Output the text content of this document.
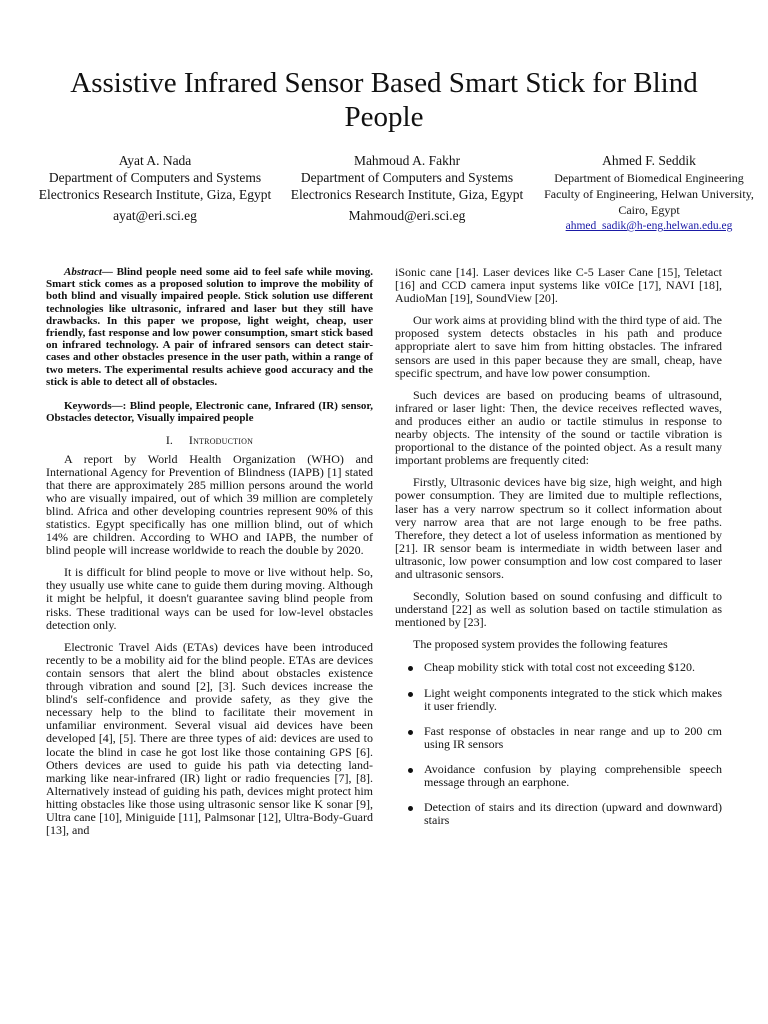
Assistive Infrared Sensor Based Smart Stick for Blind People
Ayat A. Nada
Department of Computers and Systems
Electronics Research Institute, Giza, Egypt
ayat@eri.sci.eg
Mahmoud A. Fakhr
Department of Computers and Systems
Electronics Research Institute, Giza, Egypt
Mahmoud@eri.sci.eg
Ahmed F. Seddik
Department of Biomedical Engineering
Faculty of Engineering, Helwan University, Cairo, Egypt
ahmed_sadik@h-eng.helwan.edu.eg

Abstract— Blind people need some aid to feel safe while moving. Smart stick comes as a proposed solution to improve the mobility of both blind and visually impaired people. Stick solution use different technologies like ultrasonic, infrared and laser but they still have drawbacks. In this paper we propose, light weight, cheap, user friendly, fast response and low power consumption, smart stick based on infrared technology. A pair of infrared sensors can detect stair-cases and other obstacles presence in the user path, within a range of two meters. The experimental results achieve good accuracy and the stick is able to detect all of obstacles.

Keywords—: Blind people, Electronic cane, Infrared (IR) sensor, Obstacles detector, Visually impaired people

I. Introduction

A report by World Health Organization (WHO) and International Agency for Prevention of Blindness (IAPB) [1] stated that there are approximately 285 million persons around the world who are visually impaired, out of which 39 million are completely blind. Africa and other developing countries represent 90% of this statistics. Egypt specifically has one million blind, out of which 14% are children. According to WHO and IAPB, the number of blind people will increase worldwide to reach the double by 2020.

It is difficult for blind people to move or live without help. So, they usually use white cane to guide them during moving. Although it might be helpful, it doesn't guarantee saving blind people from risks. These traditional ways can be used for low-level obstacles detection only.

Electronic Travel Aids (ETAs) devices have been introduced recently to be a mobility aid for the blind people. ETAs are devices contain sensors that alert the blind about obstacles existence through vibration and sound [2], [3]. Such devices increase the blind's self-confidence and provide safety, as they give the necessary help to the blind to facilitate their movement in unfamiliar environment. Several visual aid devices have been developed [4], [5]. There are three types of aid: devices are used to locate the blind in case he got lost like those containing GPS [6]. Others devices are used to guide his path via detecting land-marking like near-infrared (IR) light or radio frequencies [7], [8]. Alternatively instead of guiding his path, devices might protect him hitting obstacles like those using ultrasonic sensor like K sonar [9], Ultra cane [10], Miniguide [11], Palmsonar [12], Ultra-Body-Guard [13], and

iSonic cane [14]. Laser devices like C-5 Laser Cane [15], Teletact [16] and CCD camera input systems like v0ICe [17], NAVI [18], AudioMan [19], SoundView [20].

Our work aims at providing blind with the third type of aid. The proposed system detects obstacles in his path and produce appropriate alert to save him from hitting obstacles. The infrared sensors are used in this paper because they are small, cheap, have specific spectrum, and have low power consumption.

Such devices are based on producing beams of ultrasound, infrared or laser light: Then, the device receives reflected waves, and produces either an audio or tactile stimulus in response to nearby objects. The intensity of the sound or tactile vibration is proportional to the distance of the pointed object. As a result many important problems are frequently cited:

Firstly, Ultrasonic devices have big size, high weight, and high power consumption. They are limited due to multiple reflections, laser has a very narrow spectrum so it collect information about very narrow area that are not large enough to be free paths. Therefore, they detect a lot of useless information as mentioned by [21]. IR sensor beam is intermediate in width between laser and ultrasonic, low power consumption and low cost compared to laser and ultrasonic sensors.

Secondly, Solution based on sound confusing and difficult to understand [22] as well as solution based on tactile stimulation as mentioned by [23].

The proposed system provides the following features

Cheap mobility stick with total cost not exceeding $120.
Light weight components integrated to the stick which makes it user friendly.
Fast response of obstacles in near range and up to 200 cm using IR sensors
Avoidance confusion by playing comprehensible speech message through an earphone.
Detection of stairs and its direction (upward and downward) stairs
